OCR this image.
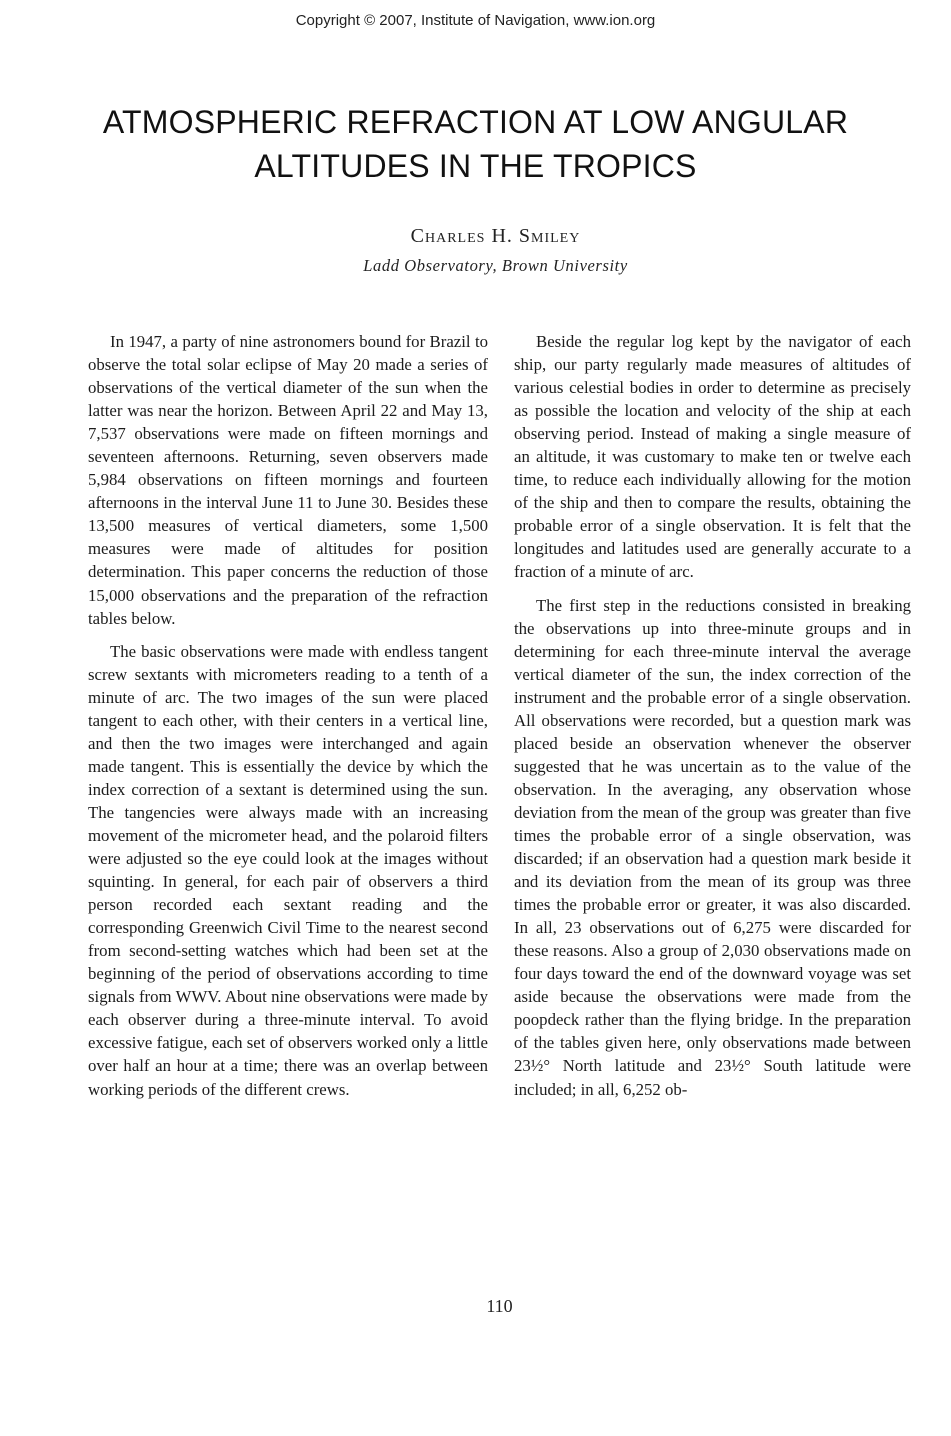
Copyright © 2007, Institute of Navigation, www.ion.org
ATMOSPHERIC REFRACTION AT LOW ANGULAR
ALTITUDES IN THE TROPICS
Charles H. Smiley
Ladd Observatory, Brown University

In 1947, a party of nine astronomers bound for Brazil to observe the total solar eclipse of May 20 made a series of observations of the vertical diameter of the sun when the latter was near the horizon. Between April 22 and May 13, 7,537 observations were made on fifteen mornings and seventeen afternoons. Returning, seven observers made 5,984 observations on fifteen mornings and fourteen afternoons in the interval June 11 to June 30. Besides these 13,500 measures of vertical diameters, some 1,500 measures were made of altitudes for position determination. This paper concerns the reduction of those 15,000 observations and the preparation of the refraction tables below.

The basic observations were made with endless tangent screw sextants with micrometers reading to a tenth of a minute of arc. The two images of the sun were placed tangent to each other, with their centers in a vertical line, and then the two images were interchanged and again made tangent. This is essentially the device by which the index correction of a sextant is determined using the sun. The tangencies were always made with an increasing movement of the micrometer head, and the polaroid filters were adjusted so the eye could look at the images without squinting. In general, for each pair of observers a third person recorded each sextant reading and the corresponding Greenwich Civil Time to the nearest second from second-setting watches which had been set at the beginning of the period of observations according to time signals from WWV. About nine observations were made by each observer during a three-minute interval. To avoid excessive fatigue, each set of observers worked only a little over half an hour at a time; there was an overlap between working periods of the different crews.

Beside the regular log kept by the navigator of each ship, our party regularly made measures of altitudes of various celestial bodies in order to determine as precisely as possible the location and velocity of the ship at each observing period. Instead of making a single measure of an altitude, it was customary to make ten or twelve each time, to reduce each individually allowing for the motion of the ship and then to compare the results, obtaining the probable error of a single observation. It is felt that the longitudes and latitudes used are generally accurate to a fraction of a minute of arc.

The first step in the reductions consisted in breaking the observations up into three-minute groups and in determining for each three-minute interval the average vertical diameter of the sun, the index correction of the instrument and the probable error of a single observation. All observations were recorded, but a question mark was placed beside an observation whenever the observer suggested that he was uncertain as to the value of the observation. In the averaging, any observation whose deviation from the mean of the group was greater than five times the probable error of a single observation, was discarded; if an observation had a question mark beside it and its deviation from the mean of its group was three times the probable error or greater, it was also discarded. In all, 23 observations out of 6,275 were discarded for these reasons. Also a group of 2,030 observations made on four days toward the end of the downward voyage was set aside because the observations were made from the poopdeck rather than the flying bridge. In the preparation of the tables given here, only observations made between 23½° North latitude and 23½° South latitude were included; in all, 6,252 ob-

110
